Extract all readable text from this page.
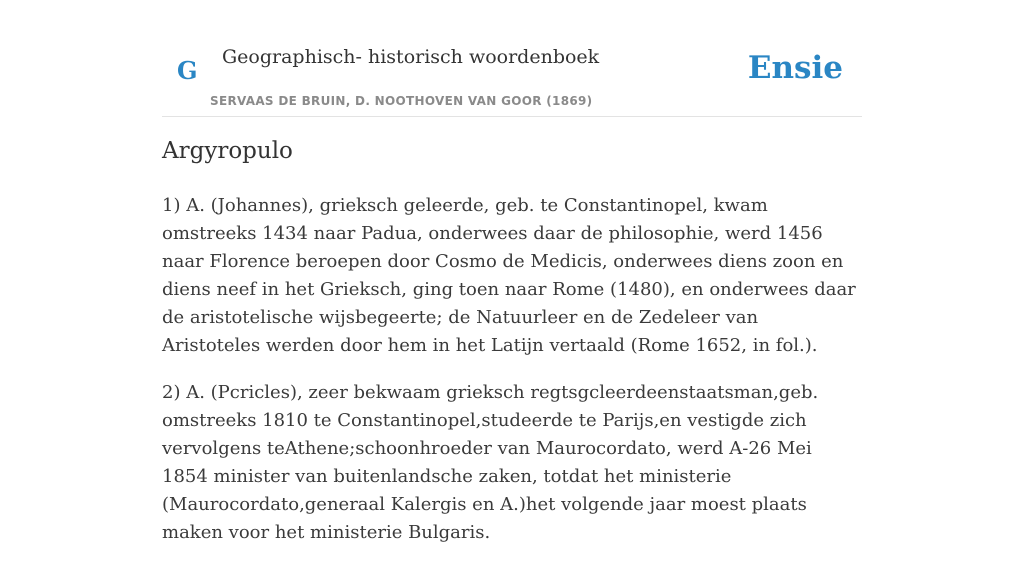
G Geographisch- historisch woordenboek
SERVAAS DE BRUIN, D. NOOTHOVEN VAN GOOR (1869)
Ensie
Argyropulo

1) A. (Johannes), grieksch geleerde, geb. te Constantinopel, kwam omstreeks 1434 naar Padua, onderwees daar de philosophie, werd 1456 naar Florence beroepen door Cosmo de Medicis, onderwees diens zoon en diens neef in het Grieksch, ging toen naar Rome (1480), en onderwees daar de aristotelische wijsbegeerte; de Natuurleer en de Zedeleer van Aristoteles werden door hem in het Latijn vertaald (Rome 1652, in fol.).

2) A. (Pcricles), zeer bekwaam grieksch regtsgcleerdeenstaatsman,geb. omstreeks 1810 te Constantinopel,studeerde te Parijs,en vestigde zich vervolgens teAthene;schoonhroeder van Maurocordato, werd A-26 Mei 1854 minister van buitenlandsche zaken, totdat het ministerie (Maurocordato,generaal Kalergis en A.)het volgende jaar moest plaats maken voor het ministerie Bulgaris.
